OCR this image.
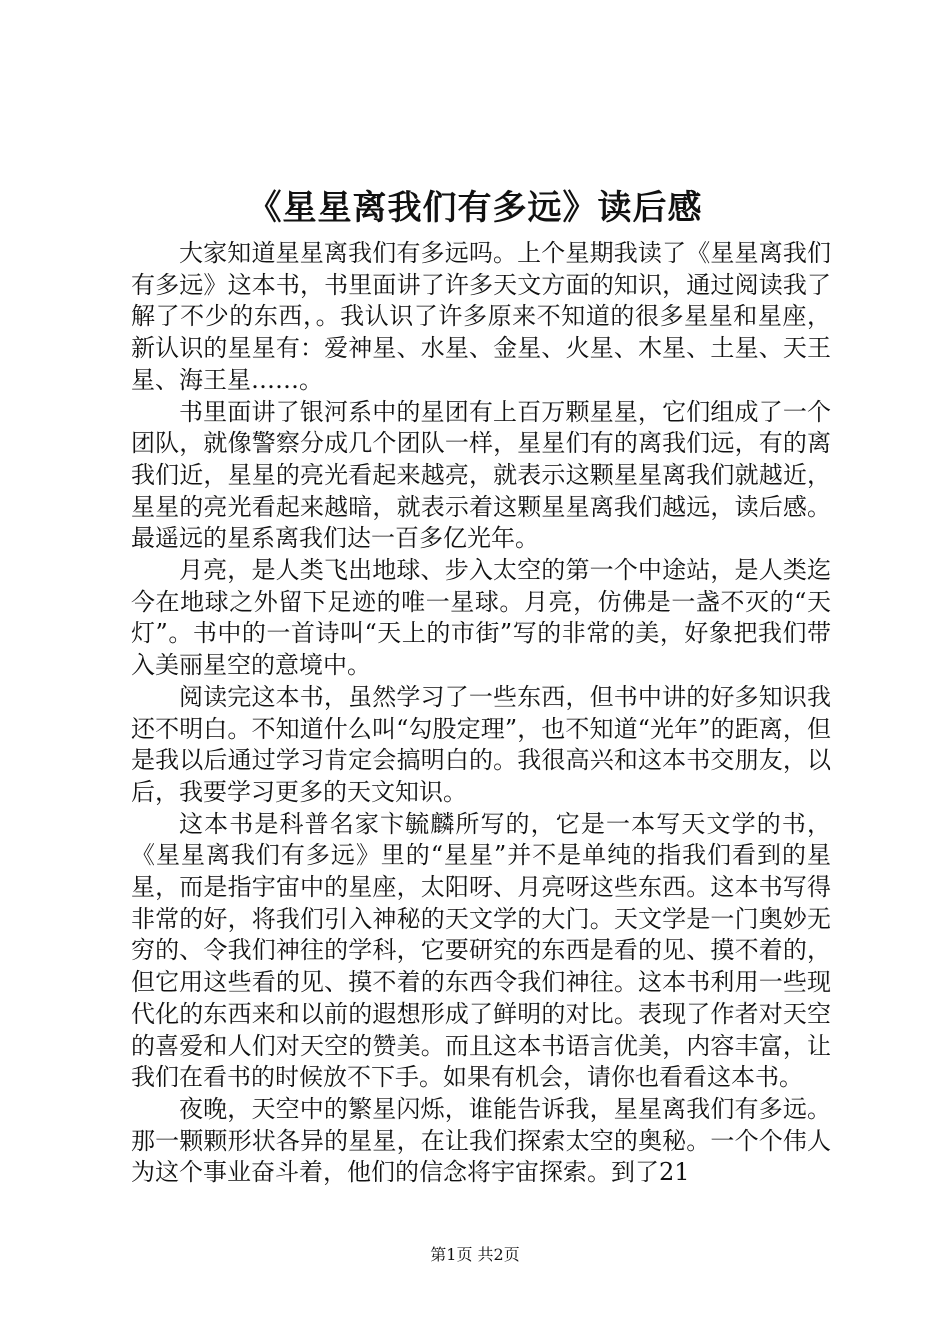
《星星离我们有多远》读后感

大家知道星星离我们有多远吗。上个星期我读了《星星离我们有多远》这本书，书里面讲了许多天文方面的知识，通过阅读我了解了不少的东西，。我认识了许多原来不知道的很多星星和星座，新认识的星星有：爱神星、水星、金星、火星、木星、土星、天王星、海王星……。

书里面讲了银河系中的星团有上百万颗星星，它们组成了一个团队，就像警察分成几个团队一样，星星们有的离我们远，有的离我们近，星星的亮光看起来越亮，就表示这颗星星离我们就越近，星星的亮光看起来越暗，就表示着这颗星星离我们越远，读后感。最遥远的星系离我们达一百多亿光年。

月亮，是人类飞出地球、步入太空的第一个中途站，是人类迄今在地球之外留下足迹的唯一星球。月亮，仿佛是一盏不灭的“天灯”。书中的一首诗叫“天上的市街”写的非常的美，好象把我们带入美丽星空的意境中。

阅读完这本书，虽然学习了一些东西，但书中讲的好多知识我还不明白。不知道什么叫“勾股定理”，也不知道“光年”的距离，但是我以后通过学习肯定会搞明白的。我很高兴和这本书交朋友，以后，我要学习更多的天文知识。

这本书是科普名家卞毓麟所写的，它是一本写天文学的书，《星星离我们有多远》里的“星星”并不是单纯的指我们看到的星星，而是指宇宙中的星座，太阳呀、月亮呀这些东西。这本书写得非常的好，将我们引入神秘的天文学的大门。天文学是一门奥妙无穷的、令我们神往的学科，它要研究的东西是看的见、摸不着的，但它用这些看的见、摸不着的东西令我们神往。这本书利用一些现代化的东西来和以前的遐想形成了鲜明的对比。表现了作者对天空的喜爱和人们对天空的赞美。而且这本书语言优美，内容丰富，让我们在看书的时候放不下手。如果有机会，请你也看看这本书。

夜晚，天空中的繁星闪烁，谁能告诉我，星星离我们有多远。那一颗颗形状各异的星星，在让我们探索太空的奥秘。一个个伟人为这个事业奋斗着，他们的信念将宇宙探索。到了21

第1页 共2页
